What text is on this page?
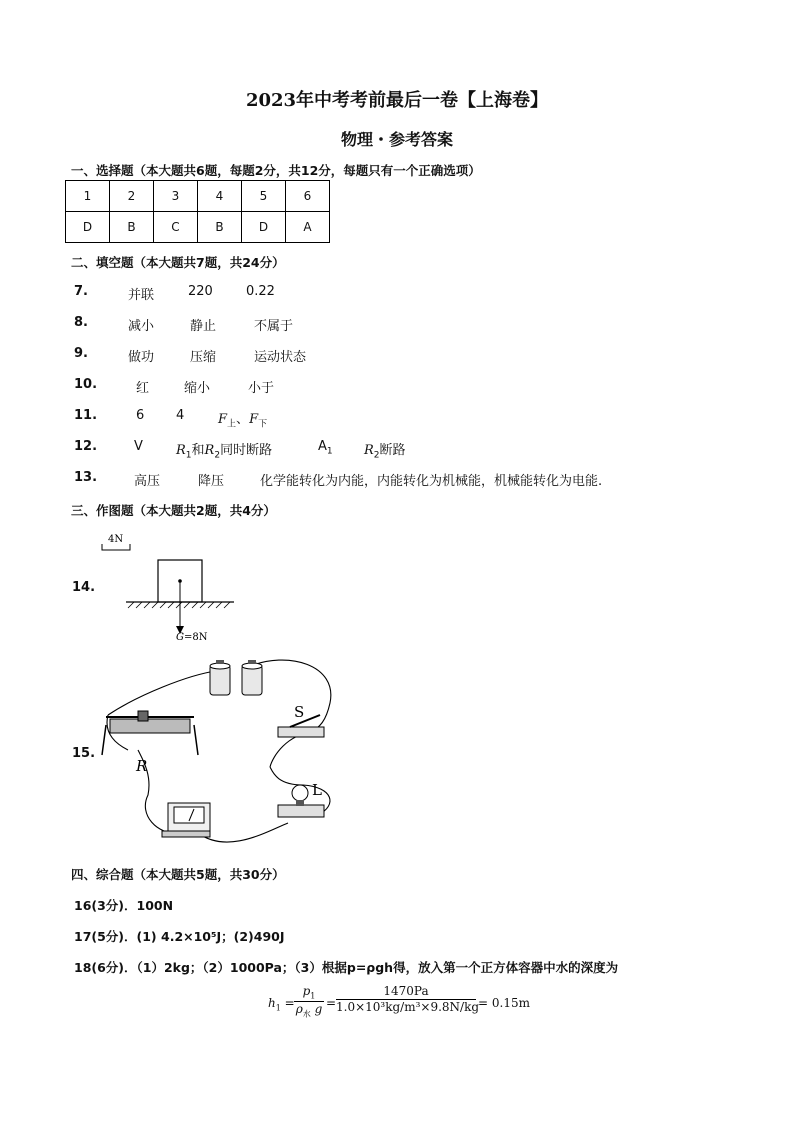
2023年中考考前最后一卷【上海卷】
物理・参考答案
一、选择题（本大题共6题，每题2分，共12分，每题只有一个正确选项）
1	2	3	4	5	6
D	B	C	B	D	A
二、填空题（本大题共7题，共24分）
7.	并联	220	0.22
8.	减小	静止	不属于
9.	做功	压缩	运动状态
10.	红	缩小	小于
11.	6 4	$F_上$、$F_下$
12.	V	$R_1$和$R_2$同时断路	$A_1$ $R_2$断路
13.	高压	降压	化学能转化为内能，内能转化为机械能，机械能转化为电能.
三、作图题（本大题共2题，共4分）
14.
4N
G=8N
15.
R
S
L
四、综合题（本大题共5题，共30分）
16(3分)．100N
17(5分)．(1) 4.2×10⁵J；(2)490J
18(6分)．（1）2kg；（2）1000Pa；（3）根据p=ρgh得，放入第一个正方体容器中水的深度为
$h_1$ =
$p_1$
$\rho_水$ g =
1470Pa
1.0×10³kg/m³×9.8N/kg
= 0.15m
